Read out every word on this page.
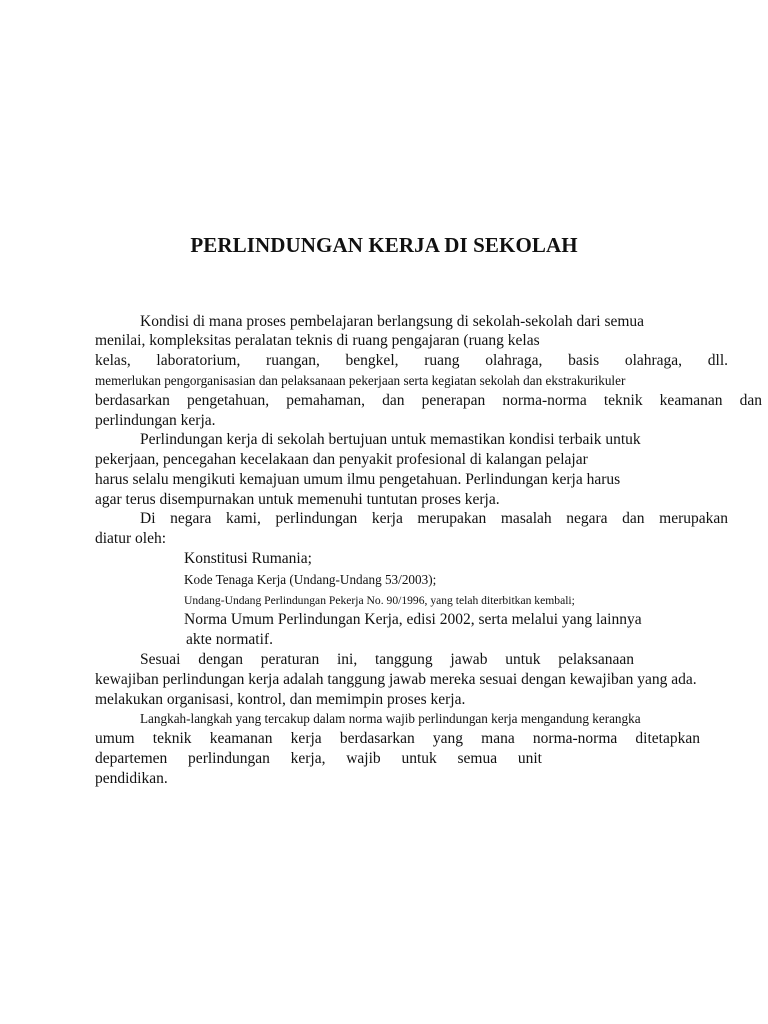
PERLINDUNGAN KERJA DI SEKOLAH
Kondisi di mana proses pembelajaran berlangsung di sekolah-sekolah dari semua
menilai, kompleksitas peralatan teknis di ruang pengajaran (ruang kelas
kelas, laboratorium, ruangan, bengkel, ruang olahraga, basis olahraga, dll.
memerlukan pengorganisasian dan pelaksanaan pekerjaan serta kegiatan sekolah dan ekstrakurikuler
berdasarkan pengetahuan, pemahaman, dan penerapan norma-norma teknik keamanan dan
perlindungan kerja.
Perlindungan kerja di sekolah bertujuan untuk memastikan kondisi terbaik untuk
pekerjaan, pencegahan kecelakaan dan penyakit profesional di kalangan pelajar
harus selalu mengikuti kemajuan umum ilmu pengetahuan. Perlindungan kerja harus
agar terus disempurnakan untuk memenuhi tuntutan proses kerja.
Di negara kami, perlindungan kerja merupakan masalah negara dan merupakan
diatur oleh:
Konstitusi Rumania;
Kode Tenaga Kerja (Undang-Undang 53/2003);
Undang-Undang Perlindungan Pekerja No. 90/1996, yang telah diterbitkan kembali;
Norma Umum Perlindungan Kerja, edisi 2002, serta melalui yang lainnya
akte normatif.
Sesuai dengan peraturan ini, tanggung jawab untuk pelaksanaan
kewajiban perlindungan kerja adalah tanggung jawab mereka sesuai dengan kewajiban yang ada.
melakukan organisasi, kontrol, dan memimpin proses kerja.
Langkah-langkah yang tercakup dalam norma wajib perlindungan kerja mengandung kerangka
umum teknik keamanan kerja berdasarkan yang mana norma-norma ditetapkan
departemen perlindungan kerja, wajib untuk semua unit
pendidikan.
